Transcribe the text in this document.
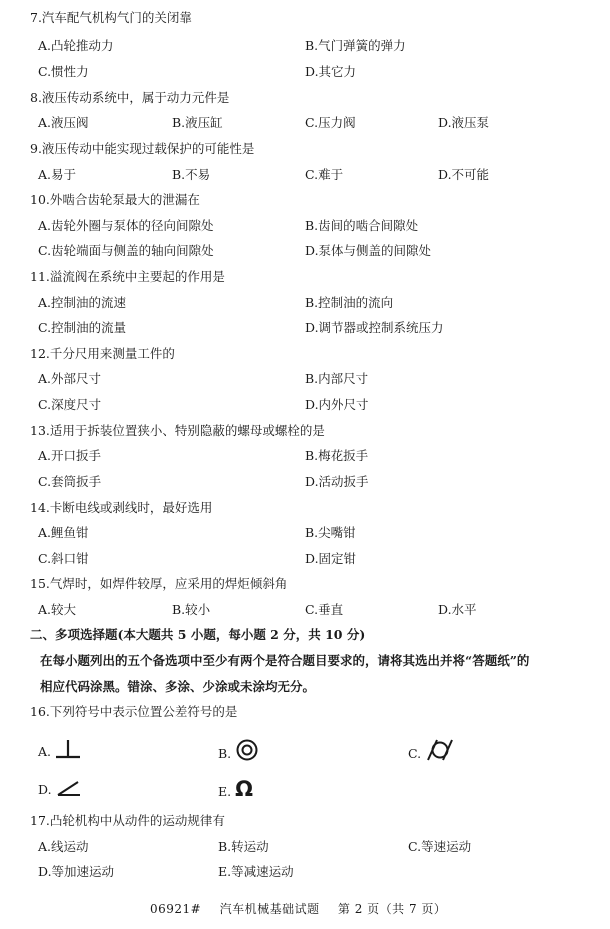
7.汽车配气机构气门的关闭靠
A.凸轮推动力	B.气门弹簧的弹力
C.惯性力	D.其它力
8.液压传动系统中，属于动力元件是
A.液压阀	B.液压缸	C.压力阀	D.液压泵
9.液压传动中能实现过载保护的可能性是
A.易于	B.不易	C.难于	D.不可能
10.外啮合齿轮泵最大的泄漏在
A.齿轮外圈与泵体的径向间隙处	B.齿间的啮合间隙处
C.齿轮端面与侧盖的轴向间隙处	D.泵体与侧盖的间隙处
11.溢流阀在系统中主要起的作用是
A.控制油的流速	B.控制油的流向
C.控制油的流量	D.调节器或控制系统压力
12.千分尺用来测量工件的
A.外部尺寸	B.内部尺寸
C.深度尺寸	D.内外尺寸
13.适用于拆装位置狭小、特别隐蔽的螺母或螺栓的是
A.开口扳手	B.梅花扳手
C.套筒扳手	D.活动扳手
14.卡断电线或剥线时，最好选用
A.鲤鱼钳	B.尖嘴钳
C.斜口钳	D.固定钳
15.气焊时，如焊件较厚，应采用的焊炬倾斜角
A.较大	B.较小	C.垂直	D.水平
二、多项选择题(本大题共 5 小题，每小题 2 分，共 10 分)
在每小题列出的五个备选项中至少有两个是符合题目要求的，请将其选出并将“答题纸”的
相应代码涂黑。错涂、多涂、少涂或未涂均无分。
16.下列符号中表示位置公差符号的是
A.	B.	C.
D.	E. Ω
17.凸轮机构中从动件的运动规律有
A.线运动	B.转运动	C.等速运动
D.等加速运动	E.等减速运动
06921# 汽车机械基础试题 第 2 页（共 7 页）
